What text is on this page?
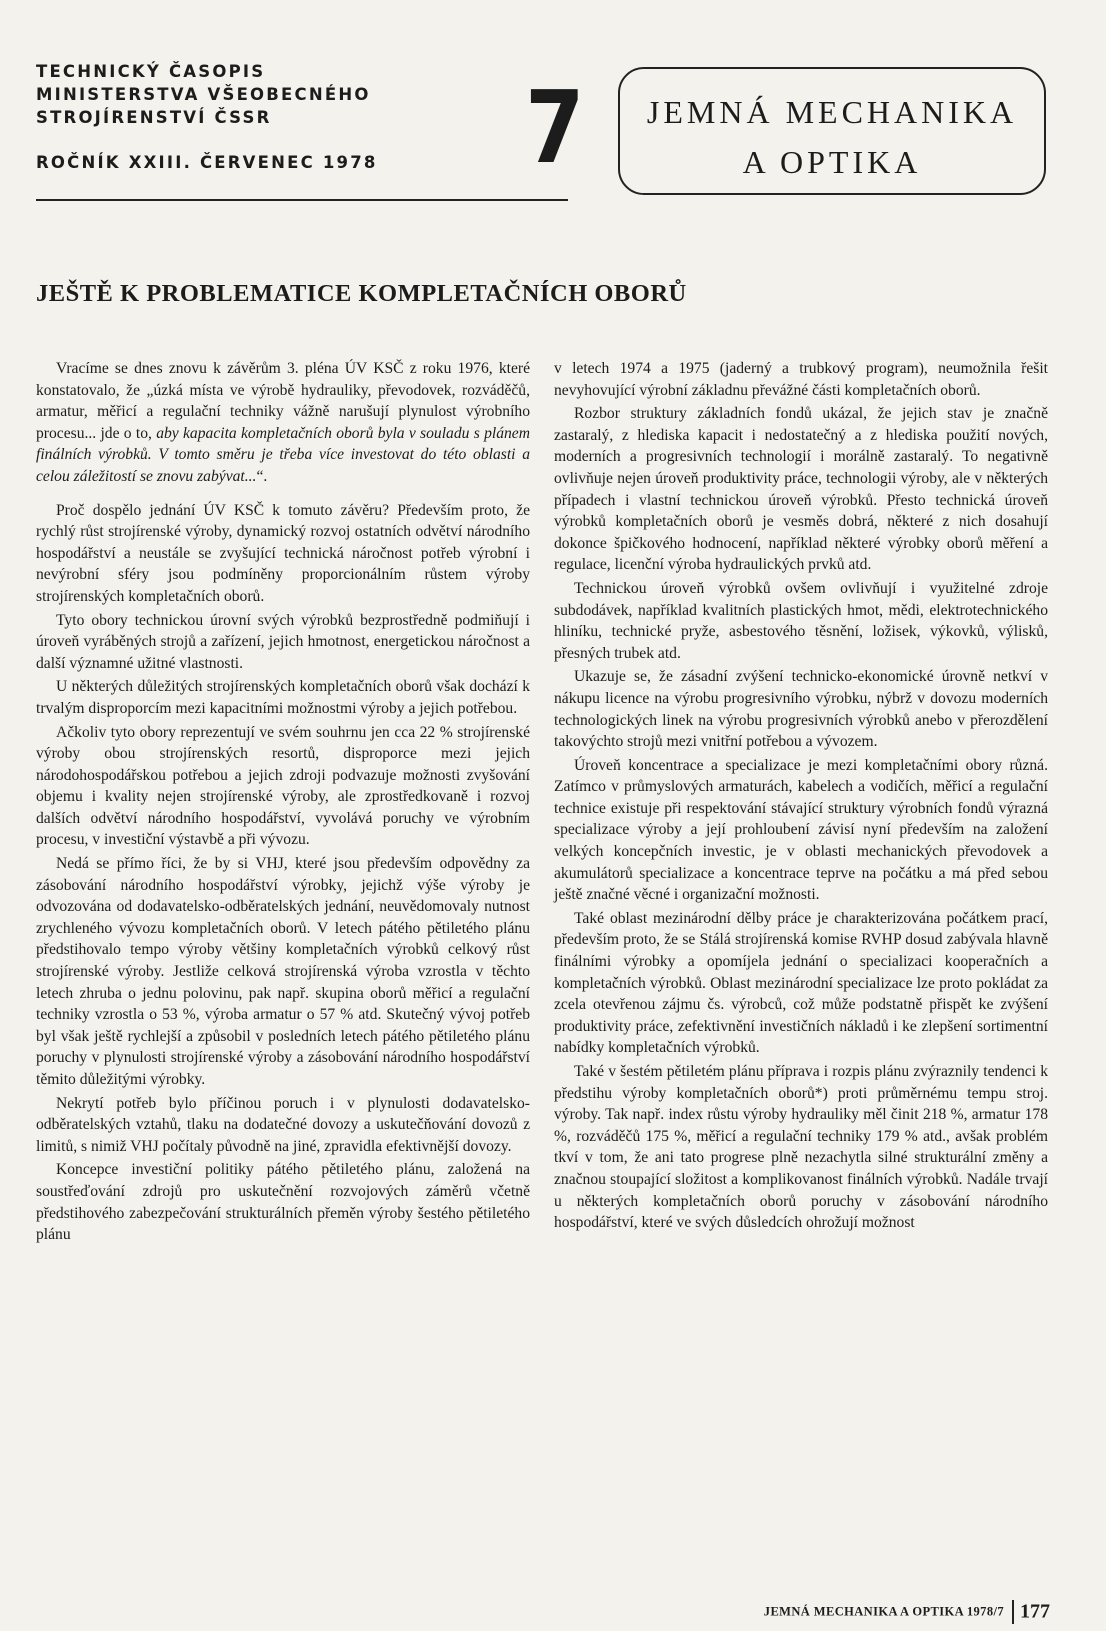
TECHNICKÝ ČASOPIS
MINISTERSTVA VŠEOBECNÉHO
STROJÍRENSTVÍ ČSSR
ROČNÍK XXIII. ČERVENEC 1978	7	JEMNÁ MECHANIKA
A OPTIKA
JEŠTĚ K PROBLEMATICE KOMPLETAČNÍCH OBORŮ

Vracíme se dnes znovu k závěrům 3. pléna ÚV KSČ z roku 1976, které konstatovalo, že „úzká místa ve výrobě hydrauliky, převodovek, rozváděčů, armatur, měřicí a regulační techniky vážně narušují plynulost výrobního procesu... jde o to, aby kapacita kompletačních oborů byla v souladu s plánem finálních výrobků. V tomto směru je třeba více investovat do této oblasti a celou záležitostí se znovu zabývat...“.

Proč dospělo jednání ÚV KSČ k tomuto závěru? Především proto, že rychlý růst strojírenské výroby, dynamický rozvoj ostatních odvětví národního hospodářství a neustále se zvyšující technická náročnost potřeb výrobní i nevýrobní sféry jsou podmíněny proporcionálním růstem výroby strojírenských kompletačních oborů.

Tyto obory technickou úrovní svých výrobků bezprostředně podmiňují i úroveň vyráběných strojů a zařízení, jejich hmotnost, energetickou náročnost a další významné užitné vlastnosti.

U některých důležitých strojírenských kompletačních oborů však dochází k trvalým disproporcím mezi kapacitními možnostmi výroby a jejich potřebou.

Ačkoliv tyto obory reprezentují ve svém souhrnu jen cca 22 % strojírenské výroby obou strojírenských resortů, disproporce mezi jejich národohospodářskou potřebou a jejich zdroji podvazuje možnosti zvyšování objemu i kvality nejen strojírenské výroby, ale zprostředkovaně i rozvoj dalších odvětví národního hospodářství, vyvolává poruchy ve výrobním procesu, v investiční výstavbě a při vývozu.

Nedá se přímo říci, že by si VHJ, které jsou především odpovědny za zásobování národního hospodářství výrobky, jejichž výše výroby je odvozována od dodavatelsko-odběratelských jednání, neuvědomovaly nutnost zrychleného vývozu kompletačních oborů. V letech pátého pětiletého plánu předstihovalo tempo výroby většiny kompletačních výrobků celkový růst strojírenské výroby. Jestliže celková strojírenská výroba vzrostla v těchto letech zhruba o jednu polovinu, pak např. skupina oborů měřicí a regulační techniky vzrostla o 53 %, výroba armatur o 57 % atd. Skutečný vývoj potřeb byl však ještě rychlejší a způsobil v posledních letech pátého pětiletého plánu poruchy v plynulosti strojírenské výroby a zásobování národního hospodářství těmito důležitými výrobky.

Nekrytí potřeb bylo příčinou poruch i v plynulosti dodavatelsko-odběratelských vztahů, tlaku na dodatečné dovozy a uskutečňování dovozů z limitů, s nimiž VHJ počítaly původně na jiné, zpravidla efektivnější dovozy.

Koncepce investiční politiky pátého pětiletého plánu, založená na soustřeďování zdrojů pro uskutečnění rozvojových záměrů včetně předstihového zabezpečování strukturálních přeměn výroby šestého pětiletého plánu

v letech 1974 a 1975 (jaderný a trubkový program), neumožnila řešit nevyhovující výrobní základnu převážné části kompletačních oborů.

Rozbor struktury základních fondů ukázal, že jejich stav je značně zastaralý, z hlediska kapacit i nedostatečný a z hlediska použití nových, moderních a progresivních technologií i morálně zastaralý. To negativně ovlivňuje nejen úroveň produktivity práce, technologii výroby, ale v některých případech i vlastní technickou úroveň výrobků. Přesto technická úroveň výrobků kompletačních oborů je vesměs dobrá, některé z nich dosahují dokonce špičkového hodnocení, například některé výrobky oborů měření a regulace, licenční výroba hydraulických prvků atd.

Technickou úroveň výrobků ovšem ovlivňují i využitelné zdroje subdodávek, například kvalitních plastických hmot, mědi, elektrotechnického hliníku, technické pryže, asbestového těsnění, ložisek, výkovků, výlisků, přesných trubek atd.

Ukazuje se, že zásadní zvýšení technicko-ekonomické úrovně netkví v nákupu licence na výrobu progresivního výrobku, nýbrž v dovozu moderních technologických linek na výrobu progresivních výrobků anebo v přerozdělení takovýchto strojů mezi vnitřní potřebou a vývozem.

Úroveň koncentrace a specializace je mezi kompletačními obory různá. Zatímco v průmyslových armaturách, kabelech a vodičích, měřicí a regulační technice existuje při respektování stávající struktury výrobních fondů výrazná specializace výroby a její prohloubení závisí nyní především na založení velkých koncepčních investic, je v oblasti mechanických převodovek a akumulátorů specializace a koncentrace teprve na počátku a má před sebou ještě značné věcné i organizační možnosti.

Také oblast mezinárodní dělby práce je charakterizována počátkem prací, především proto, že se Stálá strojírenská komise RVHP dosud zabývala hlavně finálními výrobky a opomíjela jednání o specializaci kooperačních a kompletačních výrobků. Oblast mezinárodní specializace lze proto pokládat za zcela otevřenou zájmu čs. výrobců, což může podstatně přispět ke zvýšení produktivity práce, zefektivnění investičních nákladů i ke zlepšení sortimentní nabídky kompletačních výrobků.

Také v šestém pětiletém plánu příprava i rozpis plánu zvýraznily tendenci k předstihu výroby kompletačních oborů*) proti průměrnému tempu stroj. výroby. Tak např. index růstu výroby hydrauliky měl činit 218 %, armatur 178 %, rozváděčů 175 %, měřicí a regulační techniky 179 % atd., avšak problém tkví v tom, že ani tato progrese plně nezachytla silné strukturální změny a značnou stoupající složitost a komplikovanost finálních výrobků. Nadále trvají u některých kompletačních oborů poruchy v zásobování národního hospodářství, které ve svých důsledcích ohrožují možnost

JEMNÁ MECHANIKA A OPTIKA 1978/7 177
